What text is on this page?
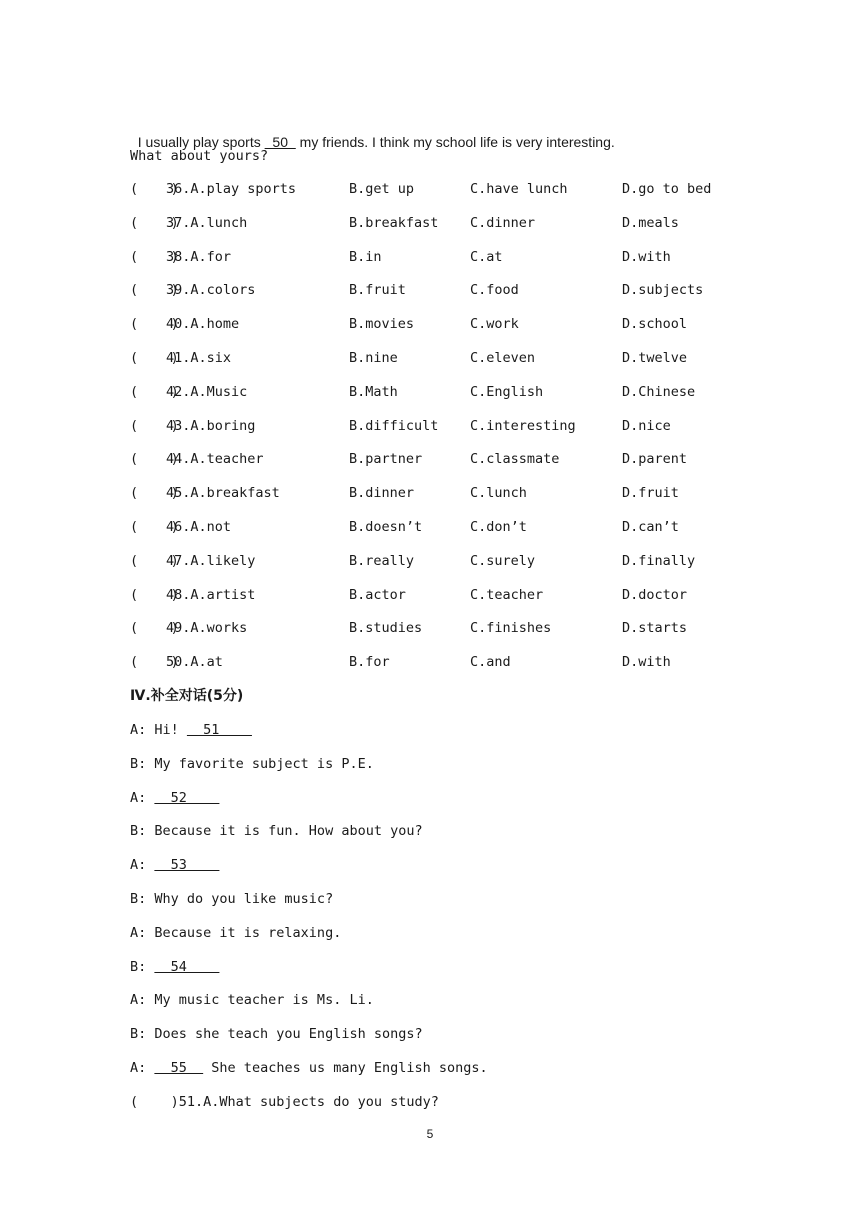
I usually play sports   50   my friends. I think my school life is very interesting.

What about yours?
(    )
36.A.play sports	B.get up	C.have lunch	D.go to bed
(    )
37.A.lunch	B.breakfast C.dinner	D.meals
(    )
38.A.for	B.in	C.at	D.with
(    )
39.A.colors	B.fruit	C.food	D.subjects
(    )
40.A.home	B.movies	C.work	D.school
(    )
41.A.six	B.nine	C.eleven	D.twelve
(    )
42.A.Music	B.Math	C.English	D.Chinese
(    )
43.A.boring	B.difficult C.interesting	D.nice
(    )
44.A.teacher	B.partner	C.classmate	D.parent
(    )
45.A.breakfast	B.dinner	C.lunch	D.fruit
(    )
46.A.not	B.doesn’t	C.don’t	D.can’t
(    )
47.A.likely	B.really	C.surely	D.finally
(    )
48.A.artist	B.actor	C.teacher	D.doctor
(    )
49.A.works	B.studies	C.finishes	D.starts
(    )
50.A.at	B.for	C.and	D.with
Ⅳ.补全对话(5分)
A: Hi!   51
B: My favorite subject is P.E.
A:   52
B: Because it is fun. How about you?
A:   53
B: Why do you like music?
A: Because it is relaxing.
B:   54
A: My music teacher is Ms. Li.
B: Does she teach you English songs?
A:   55   She teaches us many English songs.
(    )51.A.What subjects do you study?
5
